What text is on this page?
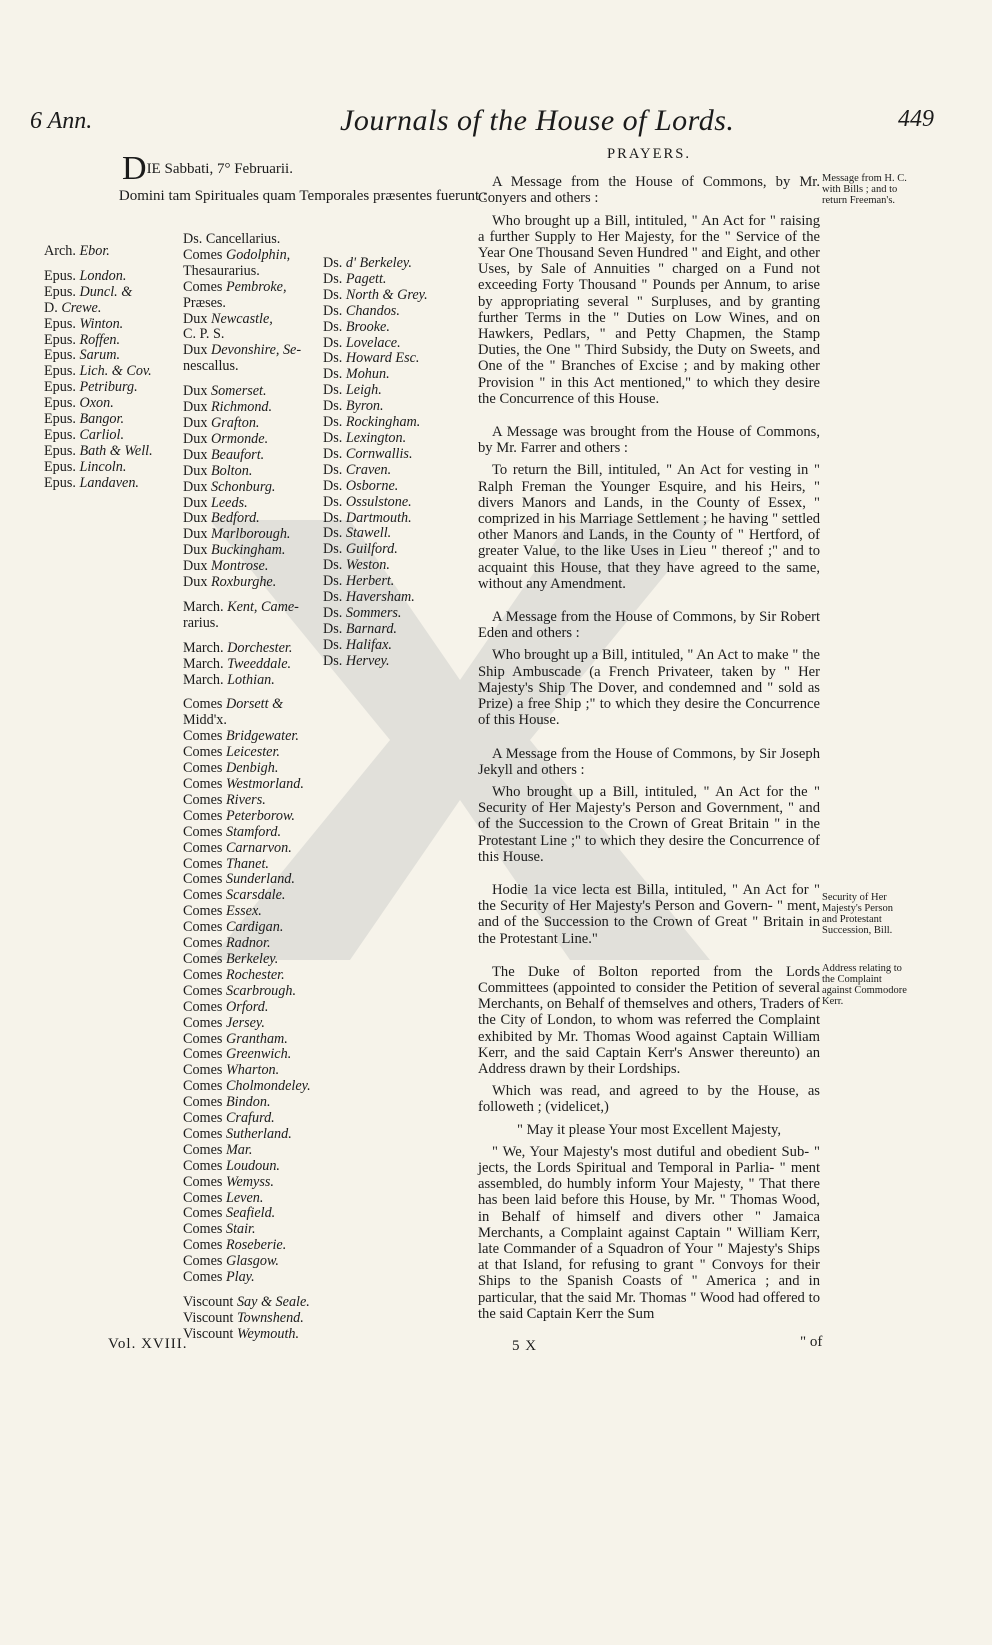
6 Ann.	Journals of the House of Lords.	449
DIE Sabbati, 7° Februarii.
Domini tam Spirituales quam Temporales præsentes fuerunt :
Arch. Ebor.
Epus. London.
Epus. Duncl. &
D. Crewe.
Epus. Winton.
Epus. Roffen.
Epus. Sarum.
Epus. Lich. & Cov.
Epus. Petriburg.
Epus. Oxon.
Epus. Bangor.
Epus. Carliol.
Epus. Bath & Well.
Epus. Lincoln.
Epus. Landaven.
Ds. Cancellarius.
Comes Godolphin,
Thesaurarius.
Comes Pembroke,
Præses.
Dux Newcastle,
C. P. S.
Dux Devonshire, Se-
nescallus.
Dux Somerset.
Dux Richmond.
Dux Grafton.
Dux Ormonde.
Dux Beaufort.
Dux Bolton.
Dux Schonburg.
Dux Leeds.
Dux Bedford.
Dux Marlborough.
Dux Buckingham.
Dux Montrose.
Dux Roxburghe.
March. Kent, Came-
rarius.
March. Dorchester.
March. Tweeddale.
March. Lothian.
Comes Dorsett &
Midd'x.
Comes Bridgewater.
Comes Leicester.
Comes Denbigh.
Comes Westmorland.
Comes Rivers.
Comes Peterborow.
Comes Stamford.
Comes Carnarvon.
Comes Thanet.
Comes Sunderland.
Comes Scarsdale.
Comes Essex.
Comes Cardigan.
Comes Radnor.
Comes Berkeley.
Comes Rochester.
Comes Scarbrough.
Comes Orford.
Comes Jersey.
Comes Grantham.
Comes Greenwich.
Comes Wharton.
Comes Cholmondeley.
Comes Bindon.
Comes Crafurd.
Comes Sutherland.
Comes Mar.
Comes Loudoun.
Comes Wemyss.
Comes Leven.
Comes Seafield.
Comes Stair.
Comes Roseberie.
Comes Glasgow.
Comes Play.
Viscount Say & Seale.
Viscount Townshend.
Viscount Weymouth.
Ds. d' Berkeley.
Ds. Pagett.
Ds. North & Grey.
Ds. Chandos.
Ds. Brooke.
Ds. Lovelace.
Ds. Howard Esc.
Ds. Mohun.
Ds. Leigh.
Ds. Byron.
Ds. Rockingham.
Ds. Lexington.
Ds. Cornwallis.
Ds. Craven.
Ds. Osborne.
Ds. Ossulstone.
Ds. Dartmouth.
Ds. Stawell.
Ds. Guilford.
Ds. Weston.
Ds. Herbert.
Ds. Haversham.
Ds. Sommers.
Ds. Barnard.
Ds. Halifax.
Ds. Hervey.

PRAYERS.

A Message from the House of Commons, by Mr. Conyers and others :

Who brought up a Bill, intituled, " An Act for " raising a further Supply to Her Majesty, for the " Service of the Year One Thousand Seven Hundred " and Eight, and other Uses, by Sale of Annuities " charged on a Fund not exceeding Forty Thousand " Pounds per Annum, to arise by appropriating several " Surpluses, and by granting further Terms in the " Duties on Low Wines, and on Hawkers, Pedlars, " and Petty Chapmen, the Stamp Duties, the One " Third Subsidy, the Duty on Sweets, and One of the " Branches of Excise ; and by making other Provision " in this Act mentioned," to which they desire the Concurrence of this House.

A Message was brought from the House of Commons, by Mr. Farrer and others :

To return the Bill, intituled, " An Act for vesting in " Ralph Freman the Younger Esquire, and his Heirs, " divers Manors and Lands, in the County of Essex, " comprized in his Marriage Settlement ; he having " settled other Manors and Lands, in the County of " Hertford, of greater Value, to the like Uses in Lieu " thereof ;" and to acquaint this House, that they have agreed to the same, without any Amendment.

A Message from the House of Commons, by Sir Robert Eden and others :

Who brought up a Bill, intituled, " An Act to make " the Ship Ambuscade (a French Privateer, taken by " Her Majesty's Ship The Dover, and condemned and " sold as Prize) a free Ship ;" to which they desire the Concurrence of this House.

A Message from the House of Commons, by Sir Joseph Jekyll and others :

Who brought up a Bill, intituled, " An Act for the " Security of Her Majesty's Person and Government, " and of the Succession to the Crown of Great Britain " in the Protestant Line ;" to which they desire the Concurrence of this House.

Hodie 1a vice lecta est Billa, intituled, " An Act for " the Security of Her Majesty's Person and Govern- " ment, and of the Succession to the Crown of Great " Britain in the Protestant Line."

The Duke of Bolton reported from the Lords Committees (appointed to consider the Petition of several Merchants, on Behalf of themselves and others, Traders of the City of London, to whom was referred the Complaint exhibited by Mr. Thomas Wood against Captain William Kerr, and the said Captain Kerr's Answer thereunto) an Address drawn by their Lordships.

Which was read, and agreed to by the House, as followeth ; (videlicet,)

" May it please Your most Excellent Majesty,

" We, Your Majesty's most dutiful and obedient Sub- " jects, the Lords Spiritual and Temporal in Parlia- " ment assembled, do humbly inform Your Majesty, " That there has been laid before this House, by Mr. " Thomas Wood, in Behalf of himself and divers other " Jamaica Merchants, a Complaint against Captain " William Kerr, late Commander of a Squadron of Your " Majesty's Ships at that Island, for refusing to grant " Convoys for their Ships to the Spanish Coasts of " America ; and in particular, that the said Mr. Thomas " Wood had offered to the said Captain Kerr the Sum

Message from H. C. with Bills ; and to return Freeman's.
Security of Her Majesty's Person and Protestant Succession, Bill.
Address relating to the Complaint against Commodore Kerr.
Vol. XVIII.	5 X	" of
